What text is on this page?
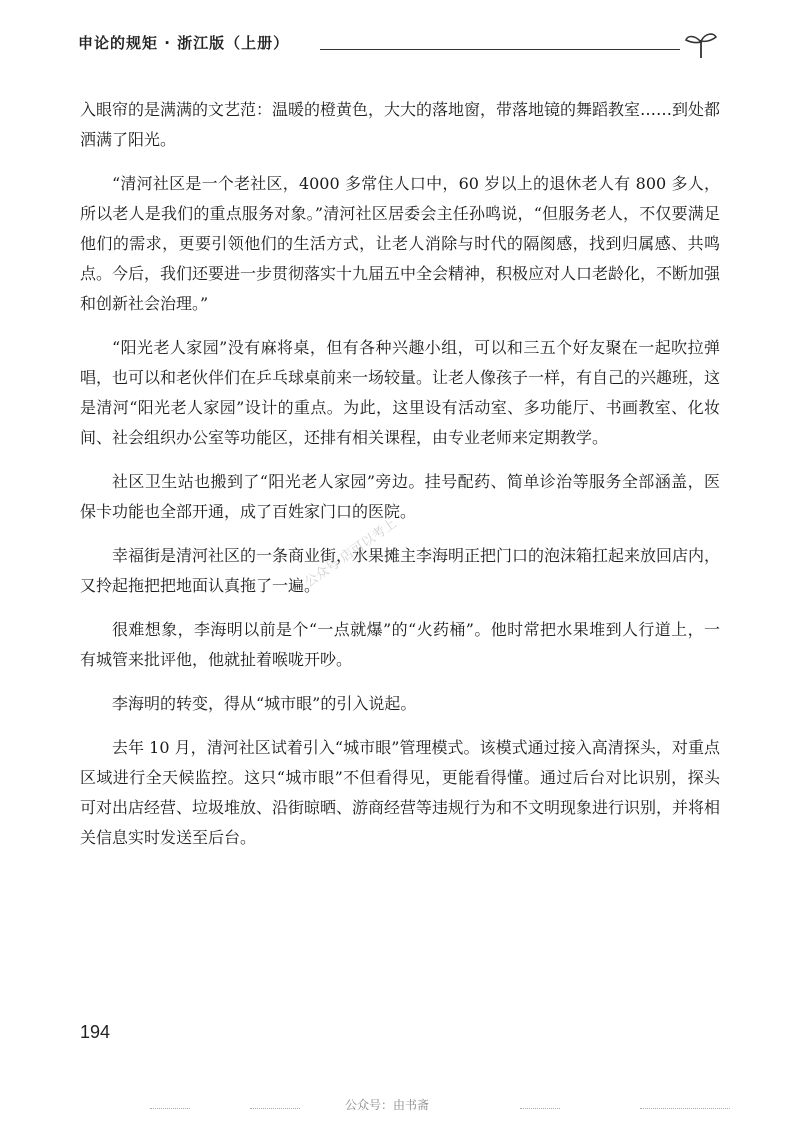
申论的规矩 · 浙江版（上册）

入眼帘的是满满的文艺范：温暖的橙黄色，大大的落地窗，带落地镜的舞蹈教室……到处都洒满了阳光。

“清河社区是一个老社区，4000 多常住人口中，60 岁以上的退休老人有 800 多人，所以老人是我们的重点服务对象。”清河社区居委会主任孙鸣说，“但服务老人，不仅要满足他们的需求，更要引领他们的生活方式，让老人消除与时代的隔阂感，找到归属感、共鸣点。今后，我们还要进一步贯彻落实十九届五中全会精神，积极应对人口老龄化，不断加强和创新社会治理。”

“阳光老人家园”没有麻将桌，但有各种兴趣小组，可以和三五个好友聚在一起吹拉弹唱，也可以和老伙伴们在乒乓球桌前来一场较量。让老人像孩子一样，有自己的兴趣班，这是清河“阳光老人家园”设计的重点。为此，这里设有活动室、多功能厅、书画教室、化妆间、社会组织办公室等功能区，还排有相关课程，由专业老师来定期教学。

社区卫生站也搬到了“阳光老人家园”旁边。挂号配药、简单诊治等服务全部涵盖，医保卡功能也全部开通，成了百姓家门口的医院。

幸福街是清河社区的一条商业街，水果摊主李海明正把门口的泡沫箱扛起来放回店内，又拎起拖把把地面认真拖了一遍。

很难想象，李海明以前是个“一点就爆”的“火药桶”。他时常把水果堆到人行道上，一有城管来批评他，他就扯着喉咙开吵。

李海明的转变，得从“城市眼”的引入说起。

去年 10 月，清河社区试着引入“城市眼”管理模式。该模式通过接入高清探头，对重点区域进行全天候监控。这只“城市眼”不但看得见，更能看得懂。通过后台对比识别，探头可对出店经营、垃圾堆放、沿街晾晒、游商经营等违规行为和不文明现象进行识别，并将相关信息实时发送至后台。

公众号 店可以考上
194
公众号：由书斋
